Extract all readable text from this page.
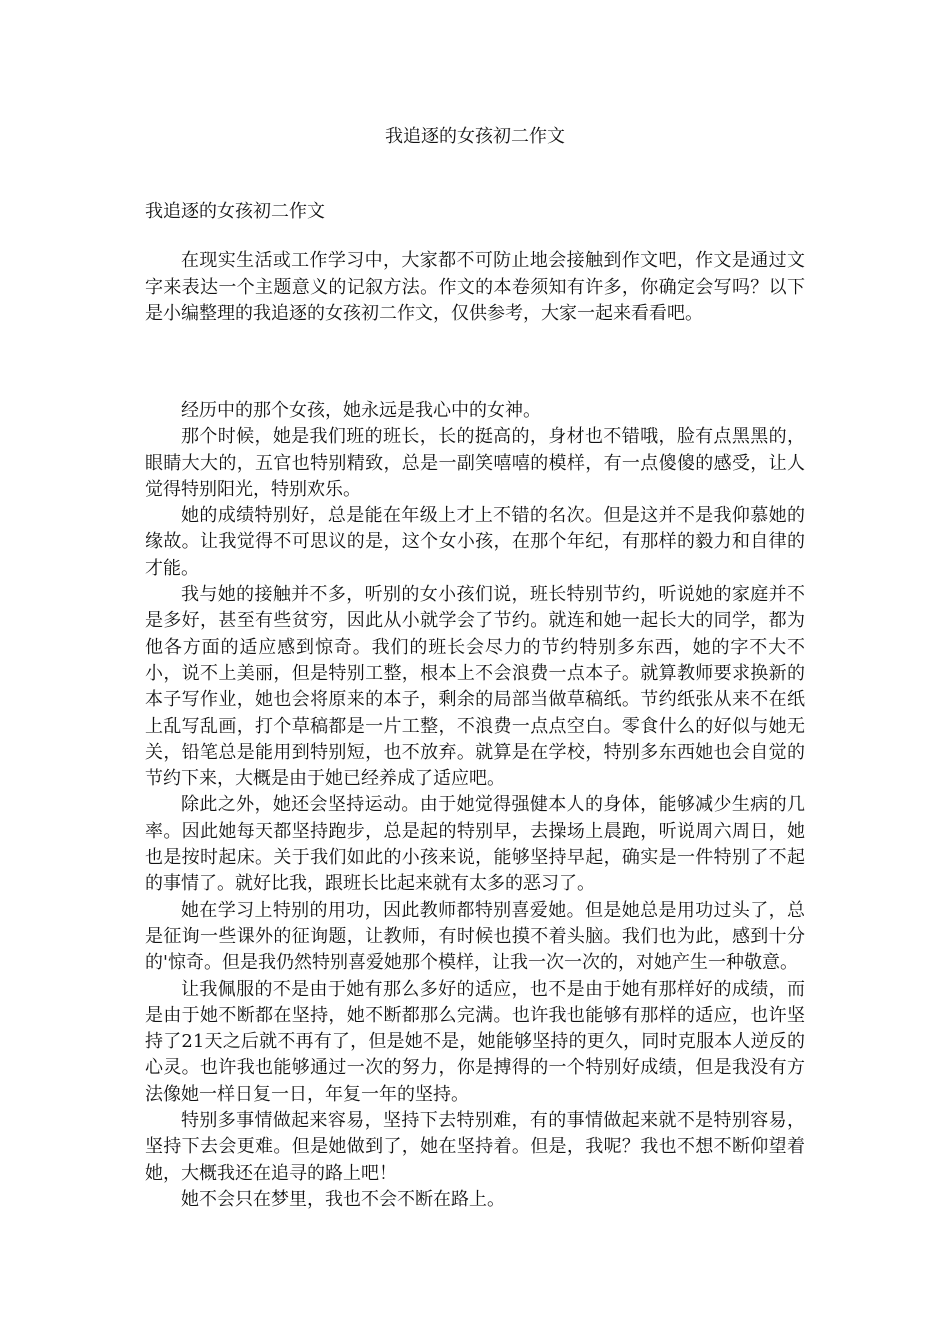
我追逐的女孩初二作文
我追逐的女孩初二作文

在现实生活或工作学习中，大家都不可防止地会接触到作文吧，作文是通过文字来表达一个主题意义的记叙方法。作文的本卷须知有许多，你确定会写吗？以下是小编整理的我追逐的女孩初二作文，仅供参考，大家一起来看看吧。

经历中的那个女孩，她永远是我心中的女神。

那个时候，她是我们班的班长，长的挺高的，身材也不错哦，脸有点黑黑的，眼睛大大的，五官也特别精致，总是一副笑嘻嘻的模样，有一点傻傻的感受，让人觉得特别阳光，特别欢乐。

她的成绩特别好，总是能在年级上才上不错的名次。但是这并不是我仰慕她的缘故。让我觉得不可思议的是，这个女小孩，在那个年纪，有那样的毅力和自律的才能。

我与她的接触并不多，听别的女小孩们说，班长特别节约，听说她的家庭并不是多好，甚至有些贫穷，因此从小就学会了节约。就连和她一起长大的同学，都为他各方面的适应感到惊奇。我们的班长会尽力的节约特别多东西，她的字不大不小，说不上美丽，但是特别工整，根本上不会浪费一点本子。就算教师要求换新的本子写作业，她也会将原来的本子，剩余的局部当做草稿纸。节约纸张从来不在纸上乱写乱画，打个草稿都是一片工整，不浪费一点点空白。零食什么的好似与她无关，铅笔总是能用到特别短，也不放弃。就算是在学校，特别多东西她也会自觉的节约下来，大概是由于她已经养成了适应吧。

除此之外，她还会坚持运动。由于她觉得强健本人的身体，能够减少生病的几率。因此她每天都坚持跑步，总是起的特别早，去操场上晨跑，听说周六周日，她也是按时起床。关于我们如此的小孩来说，能够坚持早起，确实是一件特别了不起的事情了。就好比我，跟班长比起来就有太多的恶习了。

她在学习上特别的用功，因此教师都特别喜爱她。但是她总是用功过头了，总是征询一些课外的征询题，让教师，有时候也摸不着头脑。我们也为此，感到十分的'惊奇。但是我仍然特别喜爱她那个模样，让我一次一次的，对她产生一种敬意。

让我佩服的不是由于她有那么多好的适应，也不是由于她有那样好的成绩，而是由于她不断都在坚持，她不断都那么完满。也许我也能够有那样的适应，也许坚持了21天之后就不再有了，但是她不是，她能够坚持的更久，同时克服本人逆反的心灵。也许我也能够通过一次的努力，你是搏得的一个特别好成绩，但是我没有方法像她一样日复一日，年复一年的坚持。

特别多事情做起来容易，坚持下去特别难，有的事情做起来就不是特别容易，坚持下去会更难。但是她做到了，她在坚持着。但是，我呢？我也不想不断仰望着她，大概我还在追寻的路上吧！

她不会只在梦里，我也不会不断在路上。
